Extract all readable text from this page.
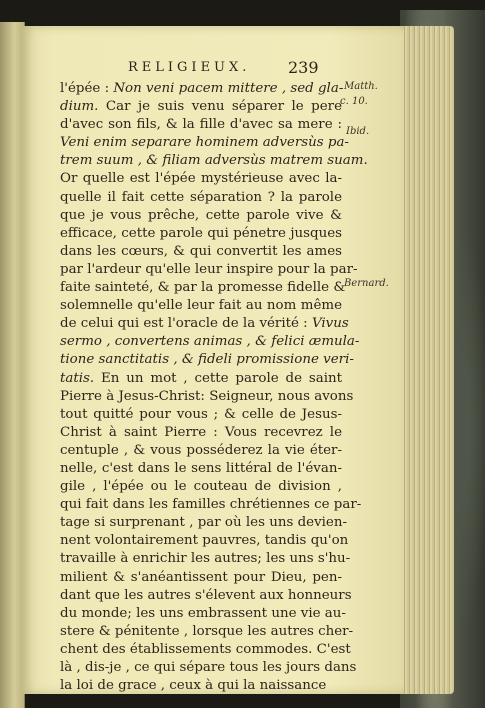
RELIGIEUX. 239
l'épée : Non veni pacem mittere , sed gla-
dium. Car je suis venu séparer le pere
d'avec son fils, & la fille d'avec sa mere :
Veni enim separare hominem adversùs pa-
trem suum , & filiam adversùs matrem suam.
Or quelle est l'épée mystérieuse avec la-
quelle il fait cette séparation ? la parole
que je vous prêche, cette parole vive &
efficace, cette parole qui pénetre jusques
dans les cœurs, & qui convertit les ames
par l'ardeur qu'elle leur inspire pour la par-
faite sainteté, & par la promesse fidelle &
solemnelle qu'elle leur fait au nom même
de celui qui est l'oracle de la vérité : Vivus
sermo , convertens animas , & felici æmula-
tione sanctitatis , & fideli promissione veri-
tatis. En un mot , cette parole de saint
Pierre à Jesus-Christ: Seigneur, nous avons
tout quitté pour vous ; & celle de Jesus-
Christ à saint Pierre : Vous recevrez le
centuple , & vous posséderez la vie éter-
nelle, c'est dans le sens littéral de l'évan-
gile , l'épée ou le couteau de division ,
qui fait dans les familles chrétiennes ce par-
tage si surprenant , par où les uns devien-
nent volontairement pauvres, tandis qu'on
travaille à enrichir les autres; les uns s'hu-
milient & s'anéantissent pour Dieu, pen-
dant que les autres s'élevent aux honneurs
du monde; les uns embrassent une vie au-
stere & pénitente , lorsque les autres cher-
chent des établissements commodes. C'est
là , dis-je , ce qui sépare tous les jours dans
la loi de grace , ceux à qui la naissance
Matth.
c. 10.
Ibid.
Bernard.
